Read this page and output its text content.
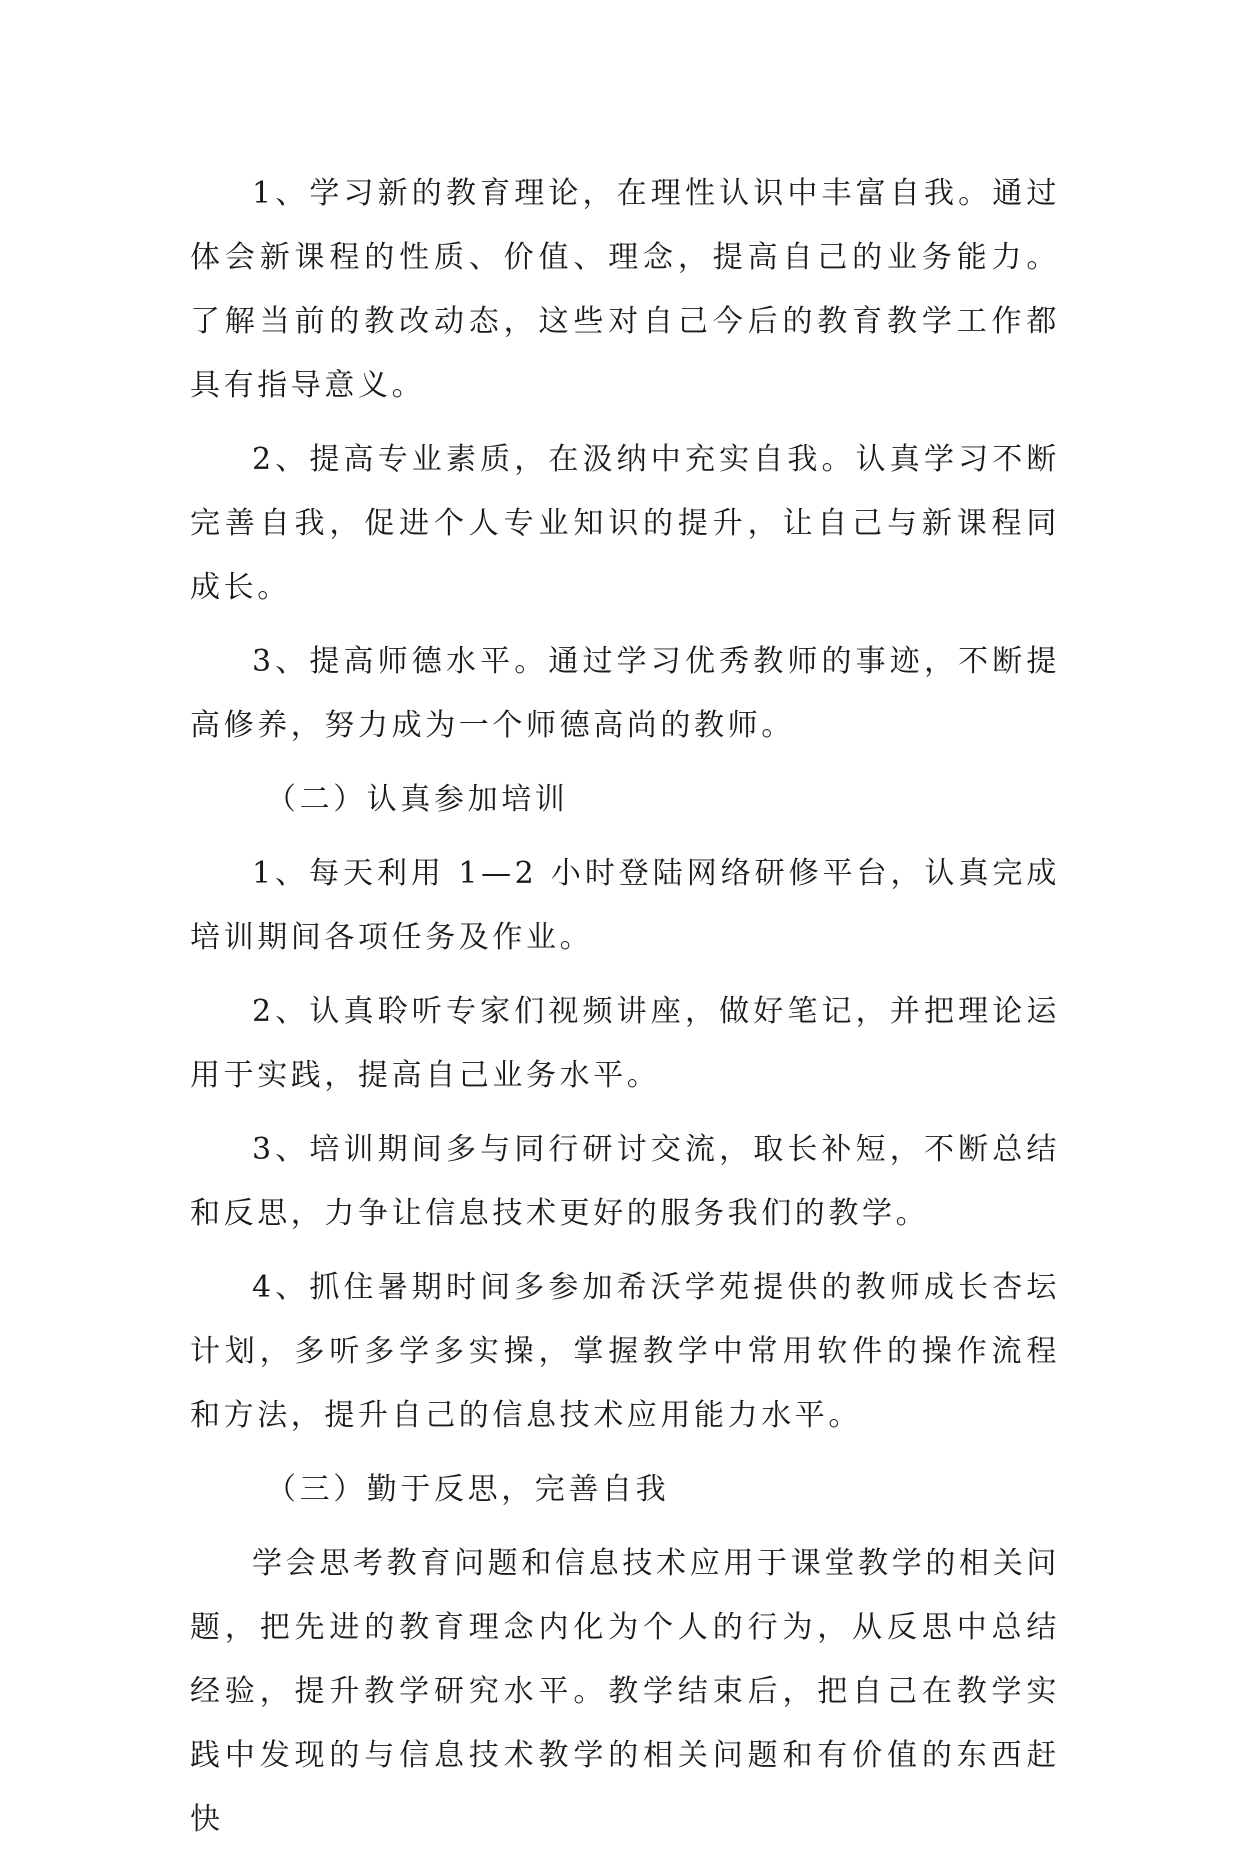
1、学习新的教育理论，在理性认识中丰富自我。通过体会新课程的性质、价值、理念，提高自己的业务能力。了解当前的教改动态，这些对自己今后的教育教学工作都具有指导意义。

2、提高专业素质，在汲纳中充实自我。认真学习不断完善自我，促进个人专业知识的提升，让自己与新课程同成长。

3、提高师德水平。通过学习优秀教师的事迹，不断提高修养，努力成为一个师德高尚的教师。

（二）认真参加培训

1、每天利用 1—2 小时登陆网络研修平台，认真完成培训期间各项任务及作业。

2、认真聆听专家们视频讲座，做好笔记，并把理论运用于实践，提高自己业务水平。

3、培训期间多与同行研讨交流，取长补短，不断总结和反思，力争让信息技术更好的服务我们的教学。

4、抓住暑期时间多参加希沃学苑提供的教师成长杏坛计划，多听多学多实操，掌握教学中常用软件的操作流程和方法，提升自己的信息技术应用能力水平。

（三）勤于反思，完善自我

学会思考教育问题和信息技术应用于课堂教学的相关问题，把先进的教育理念内化为个人的行为，从反思中总结经验，提升教学研究水平。教学结束后，把自己在教学实践中发现的与信息技术教学的相关问题和有价值的东西赶快
